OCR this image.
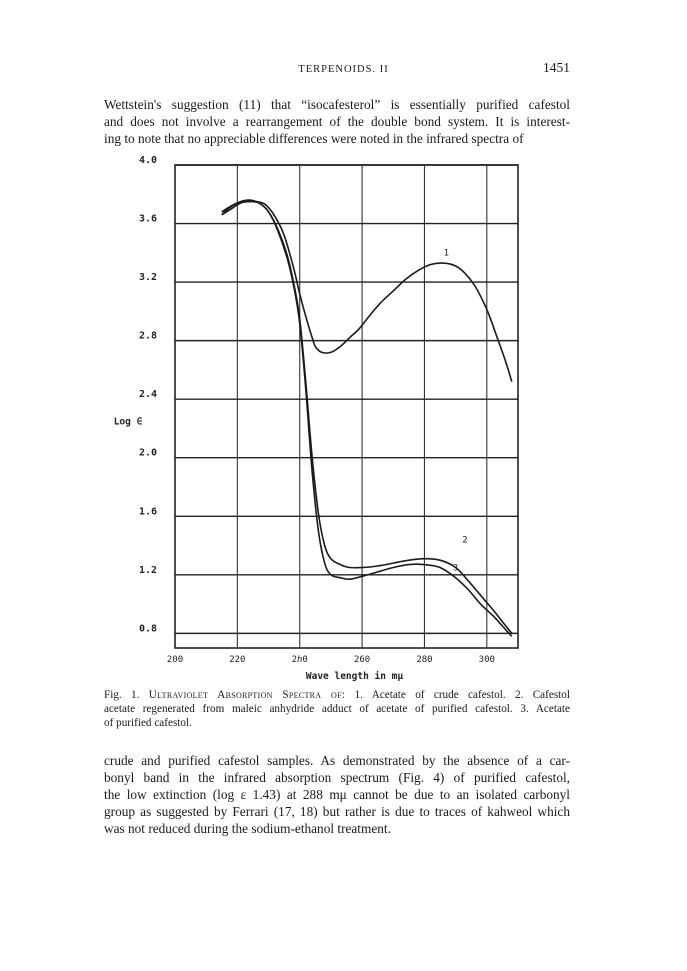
TERPENOIDS. II	1451

Wettstein's suggestion (11) that “isocafesterol” is essentially purified cafestol
and does not involve a rearrangement of the double bond system. It is interest-
ing to note that no appreciable differences were noted in the infrared spectra of

200	220	2ℎ0	260	280	300
4.0
3.6
3.2
2.8
2.4
2.0
1.6
1.2
0.8
Wave length in mμ
Log ∈
1
2
3

Fig. 1. Ultraviolet Absorption Spectra of: 1. Acetate of crude cafestol. 2. Cafestol
acetate regenerated from maleic anhydride adduct of acetate of purified cafestol. 3. Acetate
of purified cafestol.

crude and purified cafestol samples. As demonstrated by the absence of a car-
bonyl band in the infrared absorption spectrum (Fig. 4) of purified cafestol,
the low extinction (log ε 1.43) at 288 mμ cannot be due to an isolated carbonyl
group as suggested by Ferrari (17, 18) but rather is due to traces of kahweol which
was not reduced during the sodium-ethanol treatment.
